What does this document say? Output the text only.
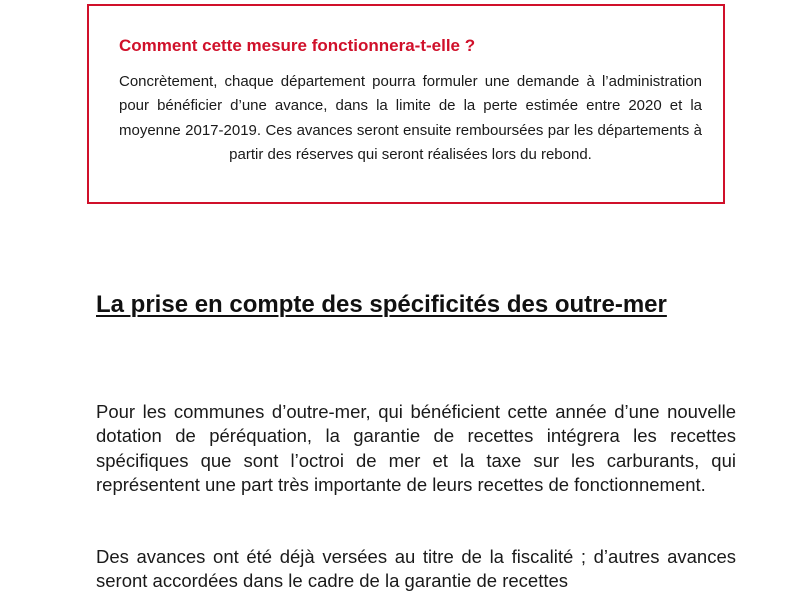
Comment cette mesure fonctionnera-t-elle ?

Concrètement, chaque département pourra formuler une demande à l’administration pour bénéficier d’une avance, dans la limite de la perte estimée entre 2020 et la moyenne 2017-2019. Ces avances seront ensuite remboursées par les départements à partir des réserves qui seront réalisées lors du rebond.

La prise en compte des spécificités des outre-mer

Pour les communes d’outre-mer, qui bénéficient cette année d’une nouvelle dotation de péréquation, la garantie de recettes intégrera les recettes spécifiques que sont l’octroi de mer et la taxe sur les carburants, qui représentent une part très importante de leurs recettes de fonctionnement.

Des avances ont été déjà versées au titre de la fiscalité ; d’autres avances seront accordées dans le cadre de la garantie de recettes
